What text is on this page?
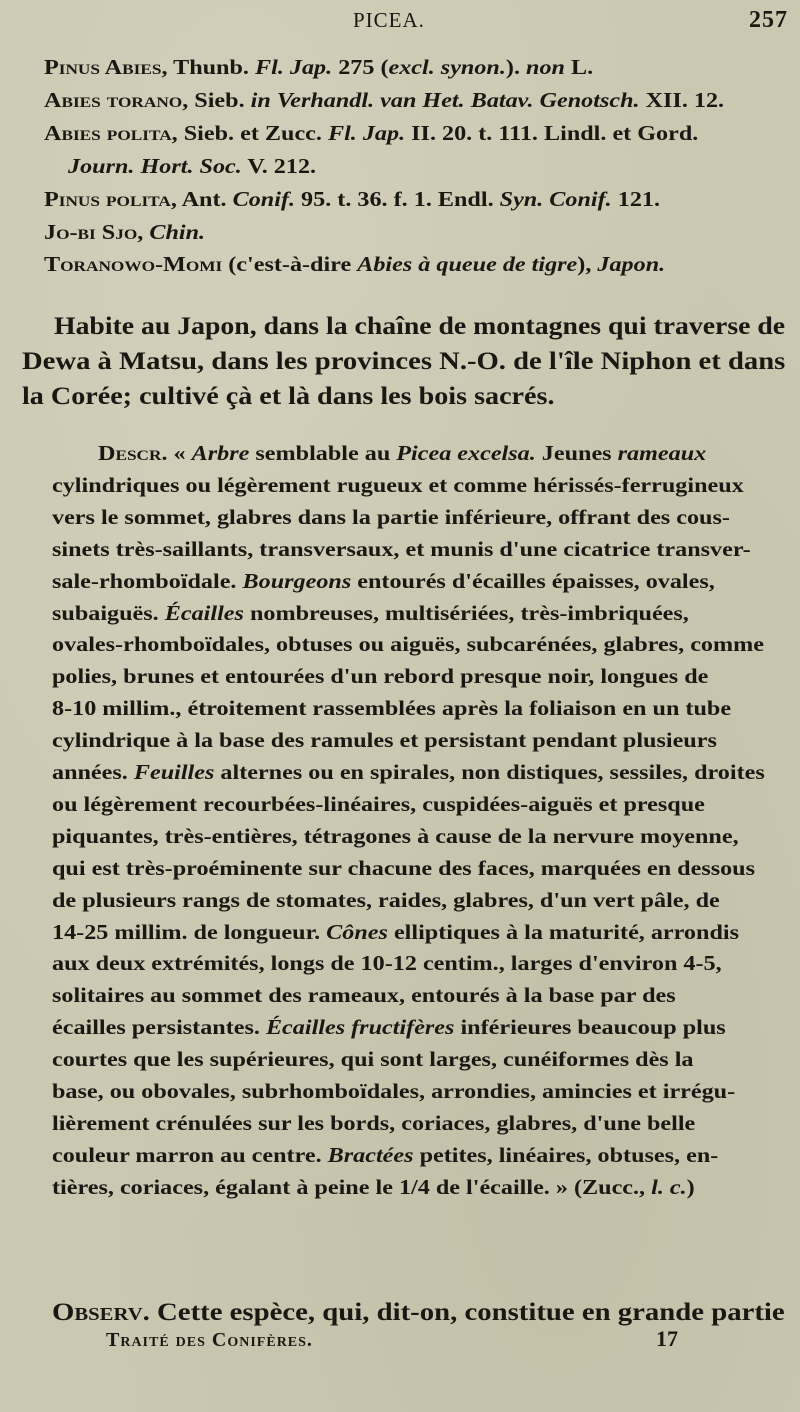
PICEA.	257
Pinus Abies, Thunb. Fl. Jap. 275 (excl. synon.). non L.
Abies torano, Sieb. in Verhandl. van Het. Batav. Genotsch. XII. 12.
Abies polita, Sieb. et Zucc. Fl. Jap. II. 20. t. 111. Lindl. et Gord.
Journ. Hort. Soc. V. 212.
Pinus polita, Ant. Conif. 95. t. 36. f. 1. Endl. Syn. Conif. 121.
Jo-bi Sjo, Chin.
Toranowo-Momi (c'est-à-dire Abies à queue de tigre), Japon.
Habite au Japon, dans la chaîne de montagnes qui traverse de
Dewa à Matsu, dans les provinces N.-O. de l'île Niphon et dans
la Corée; cultivé çà et là dans les bois sacrés.
Descr. « Arbre semblable au Picea excelsa. Jeunes rameaux
cylindriques ou légèrement rugueux et comme hérissés-ferrugineux
vers le sommet, glabres dans la partie inférieure, offrant des cous-
sinets très-saillants, transversaux, et munis d'une cicatrice transver-
sale-rhomboïdale. Bourgeons entourés d'écailles épaisses, ovales,
subaiguës. Écailles nombreuses, multisériées, très-imbriquées,
ovales-rhomboïdales, obtuses ou aiguës, subcarénées, glabres, comme
polies, brunes et entourées d'un rebord presque noir, longues de
8-10 millim., étroitement rassemblées après la foliaison en un tube
cylindrique à la base des ramules et persistant pendant plusieurs
années. Feuilles alternes ou en spirales, non distiques, sessiles, droites
ou légèrement recourbées-linéaires, cuspidées-aiguës et presque
piquantes, très-entières, tétragones à cause de la nervure moyenne,
qui est très-proéminente sur chacune des faces, marquées en dessous
de plusieurs rangs de stomates, raides, glabres, d'un vert pâle, de
14-25 millim. de longueur. Cônes elliptiques à la maturité, arrondis
aux deux extrémités, longs de 10-12 centim., larges d'environ 4-5,
solitaires au sommet des rameaux, entourés à la base par des
écailles persistantes. Écailles fructifères inférieures beaucoup plus
courtes que les supérieures, qui sont larges, cunéiformes dès la
base, ou obovales, subrhomboïdales, arrondies, amincies et irrégu-
lièrement crénulées sur les bords, coriaces, glabres, d'une belle
couleur marron au centre. Bractées petites, linéaires, obtuses, en-
tières, coriaces, égalant à peine le 1/4 de l'écaille. » (Zucc., l. c.)
Observ. Cette espèce, qui, dit-on, constitue en grande partie
Traité des Conifères.	17
